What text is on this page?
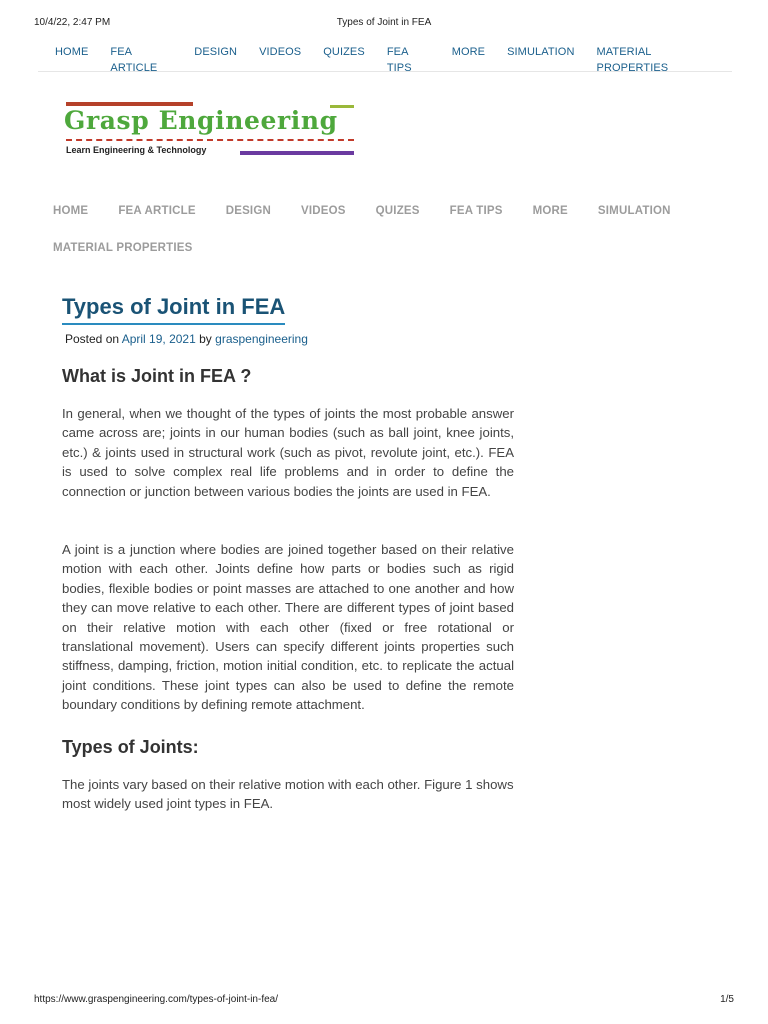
10/4/22, 2:47 PM	Types of Joint in FEA
HOME FEA ARTICLE
DESIGN VIDEOS QUIZES FEA TIPS
MORE SIMULATION MATERIAL PROPERTIES
Grasp Engineering
Learn Engineering & Technology
HOME	FEA ARTICLE	DESIGN	VIDEOS	QUIZES	FEA TIPS	MORE	SIMULATION
MATERIAL PROPERTIES
Types of Joint in FEA
Posted on April 19, 2021 by graspengineering
What is Joint in FEA ?

In general, when we thought of the types of joints the most probable answer came across are; joints in our human bodies (such as ball joint, knee joints, etc.) & joints used in structural work (such as pivot, revolute joint, etc.). FEA is used to solve complex real life problems and in order to define the connection or junction between various bodies the joints are used in FEA.

A joint is a junction where bodies are joined together based on their relative motion with each other. Joints define how parts or bodies such as rigid bodies, flexible bodies or point masses are attached to one another and how they can move relative to each other. There are different types of joint based on their relative motion with each other (fixed or free rotational or translational movement). Users can specify different joints properties such stiffness, damping, friction, motion initial condition, etc. to replicate the actual joint conditions. These joint types can also be used to define the remote boundary conditions by defining remote attachment.

Types of Joints:

The joints vary based on their relative motion with each other. Figure 1 shows most widely used joint types in FEA.

https://www.graspengineering.com/types-of-joint-in-fea/	1/5
